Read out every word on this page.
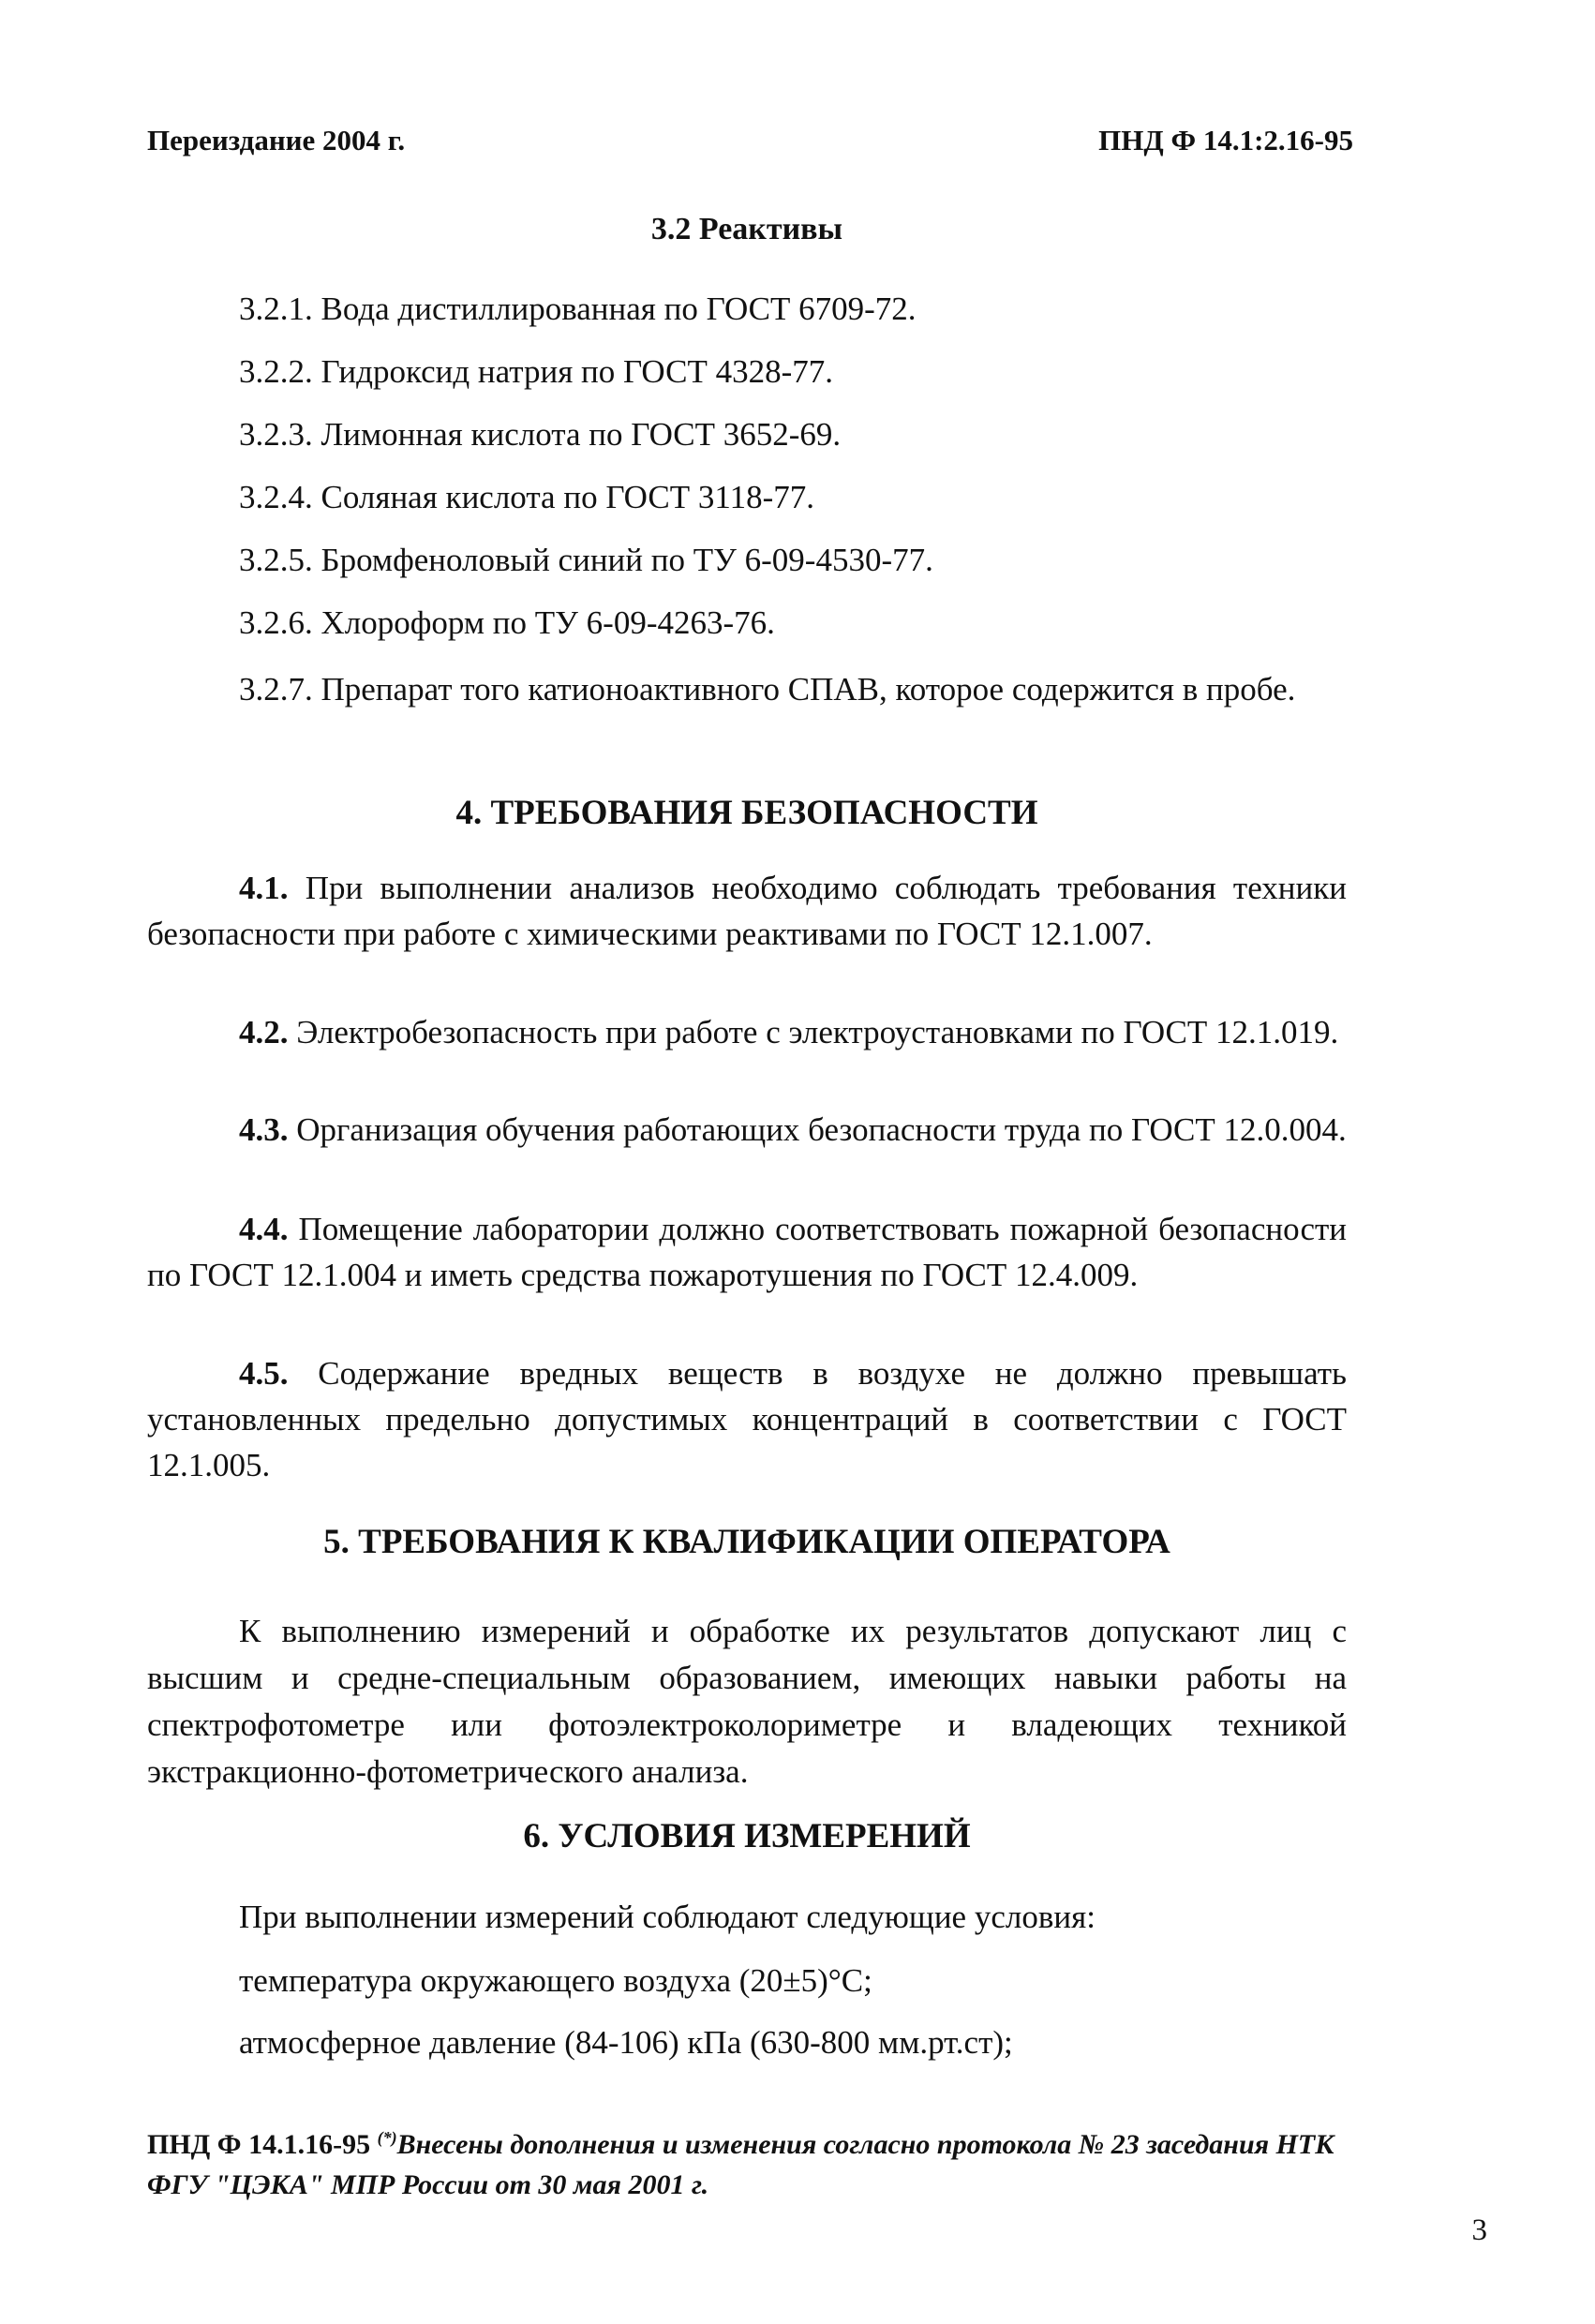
Переиздание 2004 г.	ПНД Ф 14.1:2.16-95
3.2 Реактивы
3.2.1. Вода дистиллированная по ГОСТ 6709-72.
3.2.2. Гидроксид натрия по ГОСТ 4328-77.
3.2.3. Лимонная кислота по ГОСТ 3652-69.
3.2.4. Соляная кислота по ГОСТ 3118-77.
3.2.5. Бромфеноловый синий по ТУ 6-09-4530-77.
3.2.6. Хлороформ по ТУ 6-09-4263-76.
3.2.7. Препарат того катионоактивного СПАВ, которое содержится в пробе.
4. ТРЕБОВАНИЯ БЕЗОПАСНОСТИ
4.1. При выполнении анализов необходимо соблюдать требования техники безопасности при работе с химическими реактивами по ГОСТ 12.1.007.
4.2. Электробезопасность при работе с электроустановками по ГОСТ 12.1.019.
4.3. Организация обучения работающих безопасности труда по ГОСТ 12.0.004.
4.4. Помещение лаборатории должно соответствовать пожарной безопасности по ГОСТ 12.1.004 и иметь средства пожаротушения по ГОСТ 12.4.009.
4.5. Содержание вредных веществ в воздухе не должно превышать установленных предельно допустимых концентраций в соответствии с ГОСТ 12.1.005.
5. ТРЕБОВАНИЯ К КВАЛИФИКАЦИИ ОПЕРАТОРА
К выполнению измерений и обработке их результатов допускают лиц с высшим и средне-специальным образованием, имеющих навыки работы на спектрофотометре или фотоэлектроколориметре и владеющих техникой экстракционно-фотометрического анализа.
6. УСЛОВИЯ ИЗМЕРЕНИЙ
При выполнении измерений соблюдают следующие условия:
температура окружающего воздуха (20±5)°С;
атмосферное давление (84-106) кПа (630-800 мм.рт.ст);
ПНД Ф 14.1.16-95 (*)Внесены дополнения и изменения согласно протокола № 23 заседания НТК ФГУ "ЦЭКА" МПР России от 30 мая 2001 г.
3
